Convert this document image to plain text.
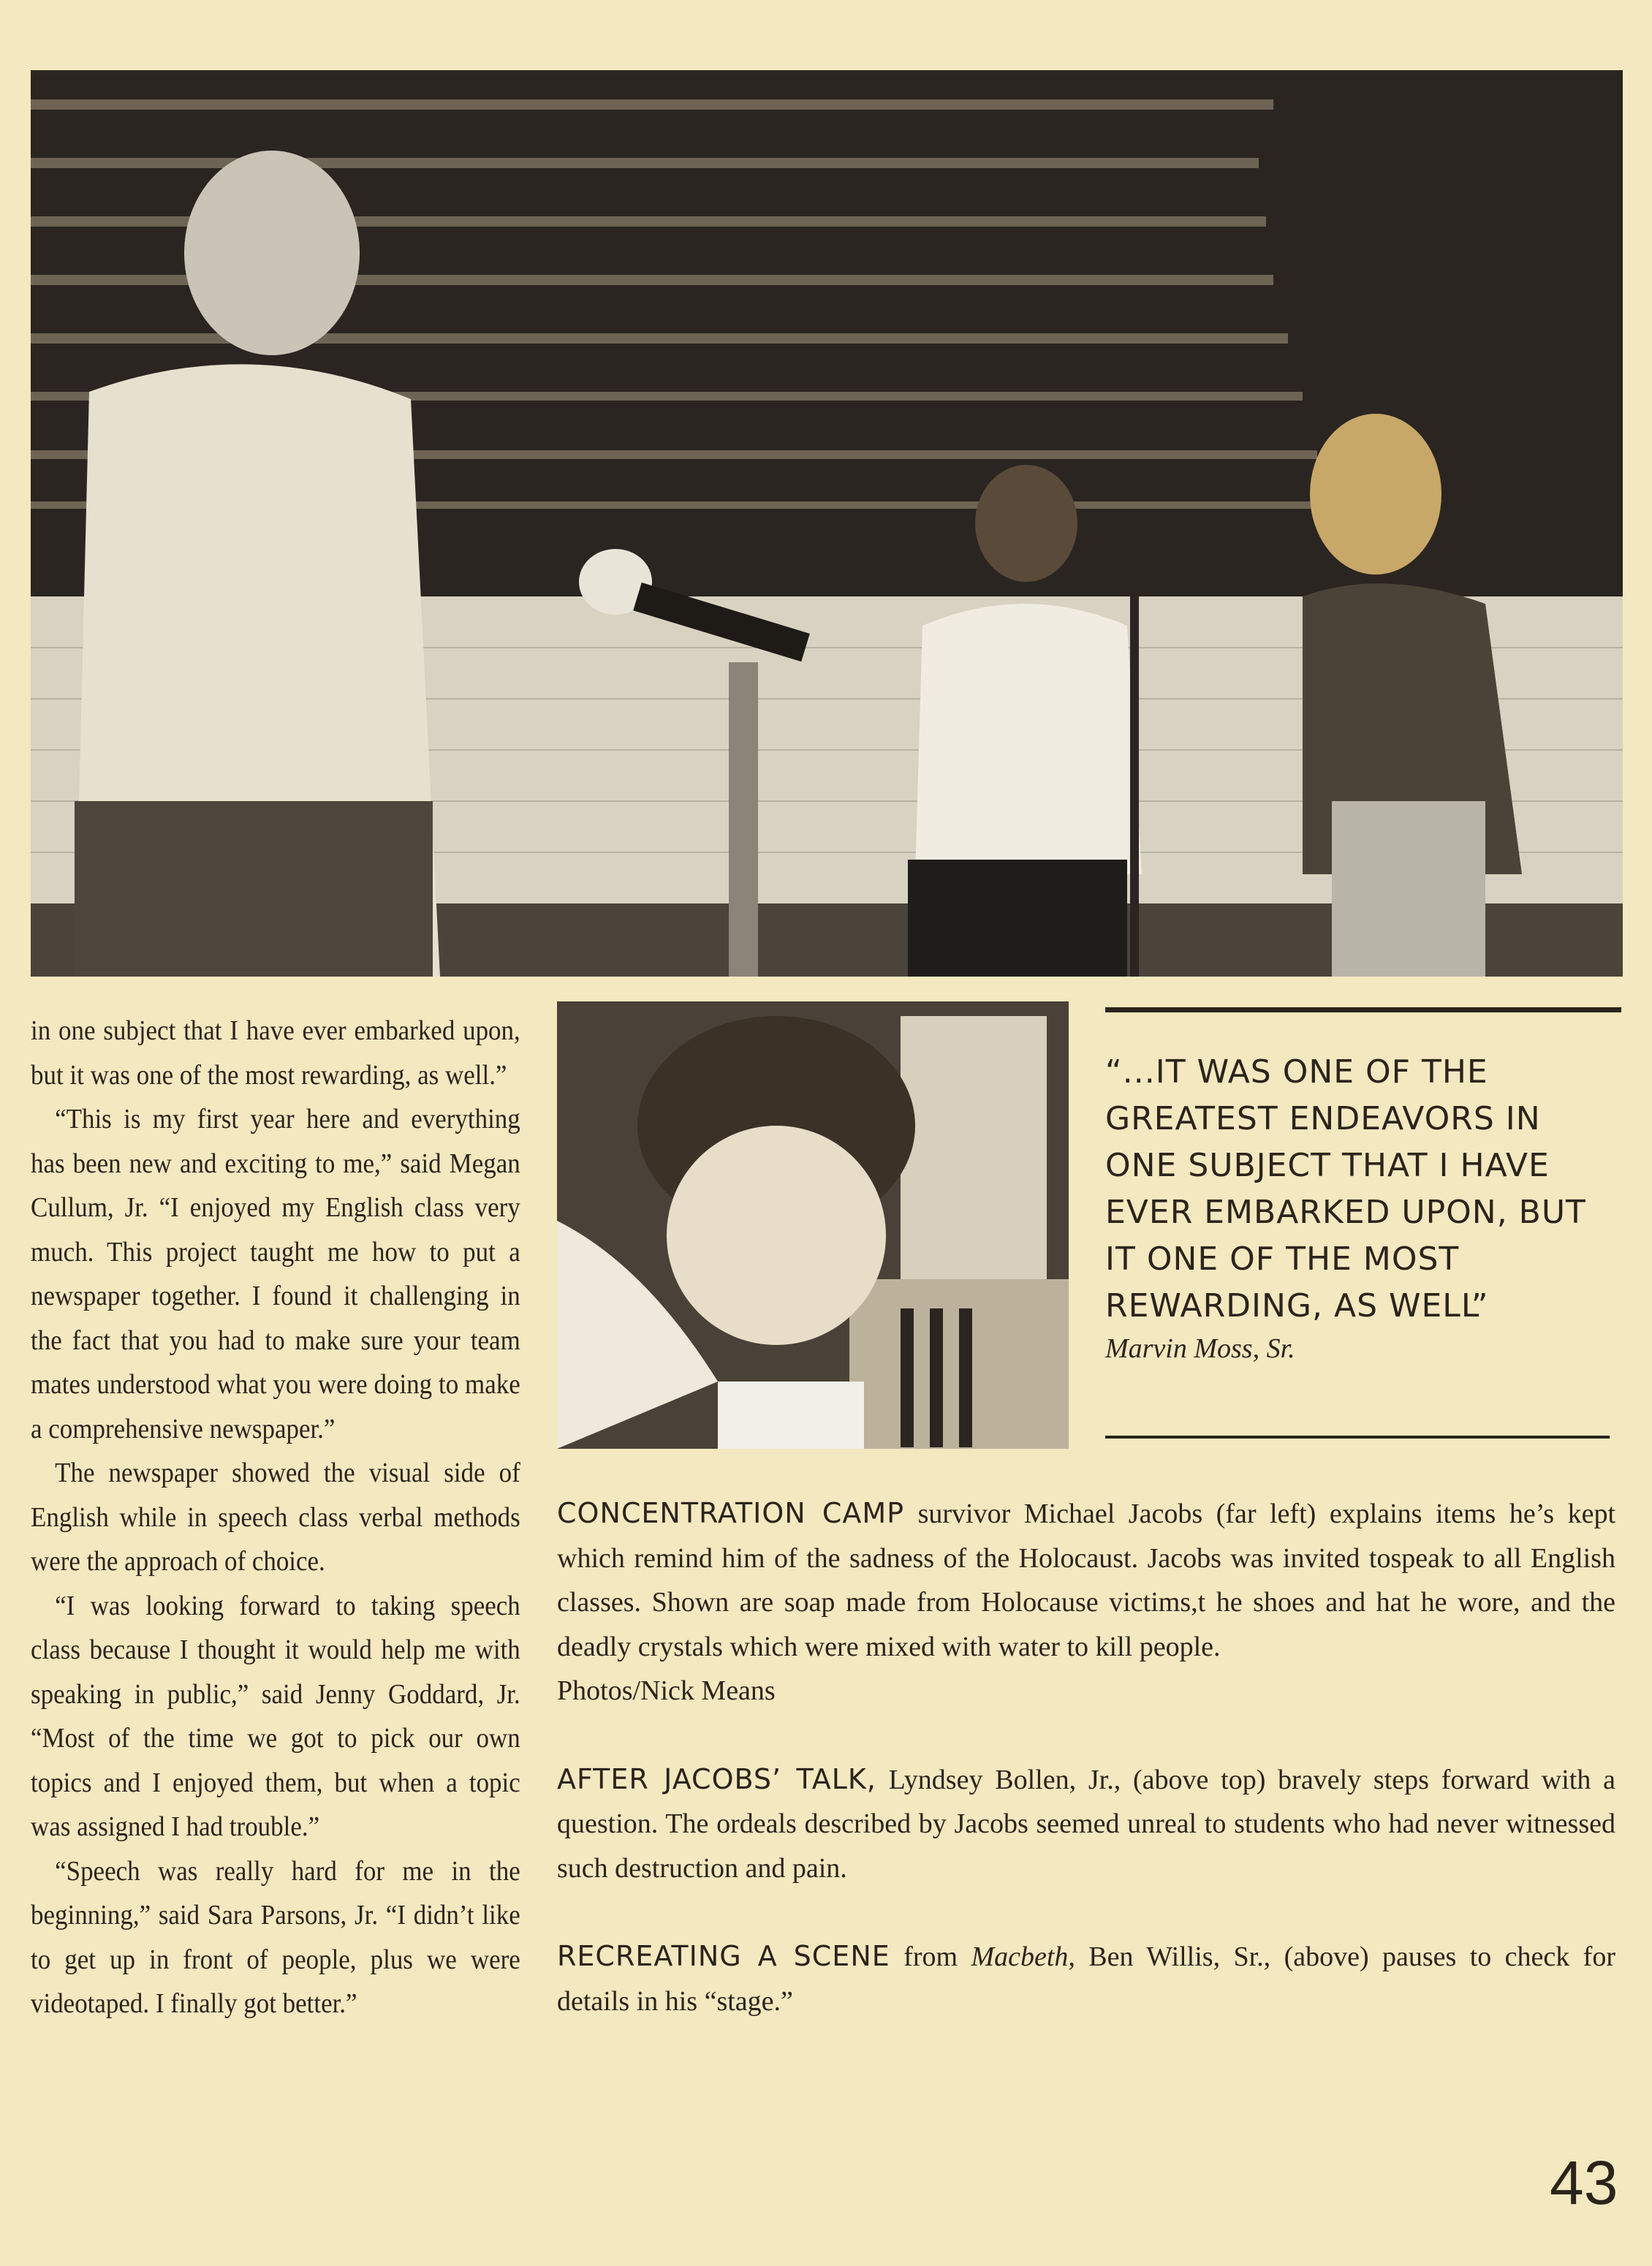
in one subject that I have ever embarked upon, but it was one of the most rewarding, as well.”

“This is my first year here and everything has been new and exciting to me,” said Megan Cullum, Jr. “I enjoyed my English class very much. This project taught me how to put a newspaper together. I found it challenging in the fact that you had to make sure your team mates understood what you were doing to make a comprehensive newspaper.”

The newspaper showed the visual side of English while in speech class verbal methods were the approach of choice.

“I was looking forward to taking speech class because I thought it would help me with speaking in public,” said Jenny Goddard, Jr. “Most of the time we got to pick our own topics and I enjoyed them, but when a topic was assigned I had trouble.”

“Speech was really hard for me in the beginning,” said Sara Parsons, Jr. “I didn’t like to get up in front of people, plus we were videotaped. I finally got better.”

“...IT WAS ONE OF THE GREATEST ENDEAVORS IN ONE SUBJECT THAT I HAVE EVER EMBARKED UPON, BUT IT ONE OF THE MOST REWARDING, AS WELL”
Marvin Moss, Sr.

CONCENTRATION CAMP survivor Michael Jacobs (far left) explains items he’s kept which remind him of the sadness of the Holocaust. Jacobs was invited tospeak to all English classes. Shown are soap made from Holocause victims,t he shoes and hat he wore, and the deadly crystals which were mixed with water to kill people.

Photos/Nick Means

AFTER JACOBS’ TALK, Lyndsey Bollen, Jr., (above top) bravely steps forward with a question. The ordeals described by Jacobs seemed unreal to students who had never witnessed such destruction and pain.

RECREATING A SCENE from Macbeth, Ben Willis, Sr., (above) pauses to check for details in his “stage.”

43
